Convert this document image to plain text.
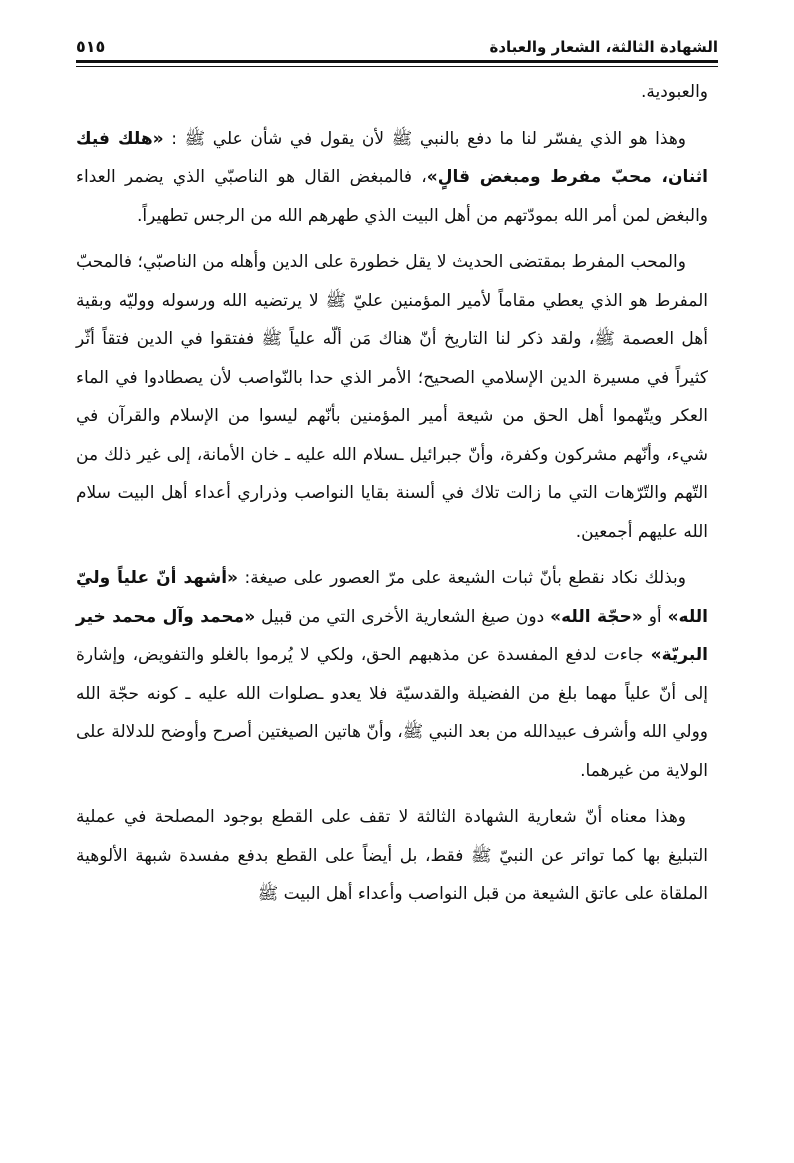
الشهادة الثالثة، الشعار والعبادة
٥١٥

والعبودية.

وهذا هو الذي يفسّر لنا ما دفع بالنبي ﷺ لأن يقول في شأن علي ﷺ : «هلك فيك اثنان، محبّ مفرط ومبغض قالٍ»، فالمبغض القال هو الناصبّي الذي يضمر العداء والبغض لمن أمر الله بمودّتهم من أهل البيت الذي طهرهم الله من الرجس تطهيراً.

والمحب المفرط بمقتضى الحديث لا يقل خطورة على الدين وأهله من الناصبّي؛ فالمحبّ المفرط هو الذي يعطي مقاماً لأمير المؤمنين عليّ ﷺ لا يرتضيه الله ورسوله ووليّه وبقية أهل العصمة ﷺ، ولقد ذكر لنا التاريخ أنّ هناك مَن ألّه علياً ﷺ ففتقوا في الدين فتقاً أثّر كثيراً في مسيرة الدين الإسلامي الصحيح؛ الأمر الذي حدا بالنّواصب لأن يصطادوا في الماء العكر ويتّهموا أهل الحق من شيعة أمير المؤمنين بأنّهم ليسوا من الإسلام والقرآن في شيء، وأنّهم مشركون وكفرة، وأنّ جبرائيل ـسلام الله عليه ـ خان الأمانة، إلى غير ذلك من التّهم والتّرّهات التي ما زالت تلاك في ألسنة بقايا النواصب وذراري أعداء أهل البيت سلام الله عليهم أجمعين.

وبذلك نكاد نقطع بأنّ ثبات الشيعة على مرّ العصور على صيغة: «أشهد أنّ علياً وليّ الله» أو «حجّة الله» دون صيغ الشعارية الأخرى التي من قبيل «محمد وآل محمد خير البريّة» جاءت لدفع المفسدة عن مذهبهم الحق، ولكي لا يُرموا بالغلو والتفويض، وإشارة إلى أنّ علياً مهما بلغ من الفضيلة والقدسيّة فلا يعدو ـصلوات الله عليه ـ كونه حجّة الله وولي الله وأشرف عبيدالله من بعد النبي ﷺ، وأنّ هاتين الصيغتين أصرح وأوضح للدلالة على الولاية من غيرهما.

وهذا معناه أنّ شعارية الشهادة الثالثة لا تقف على القطع بوجود المصلحة في عملية التبليغ بها كما تواتر عن النبيّ ﷺ فقط، بل أيضاً على القطع بدفع مفسدة شبهة الألوهية الملقاة على عاتق الشيعة من قبل النواصب وأعداء أهل البيت ﷺ
